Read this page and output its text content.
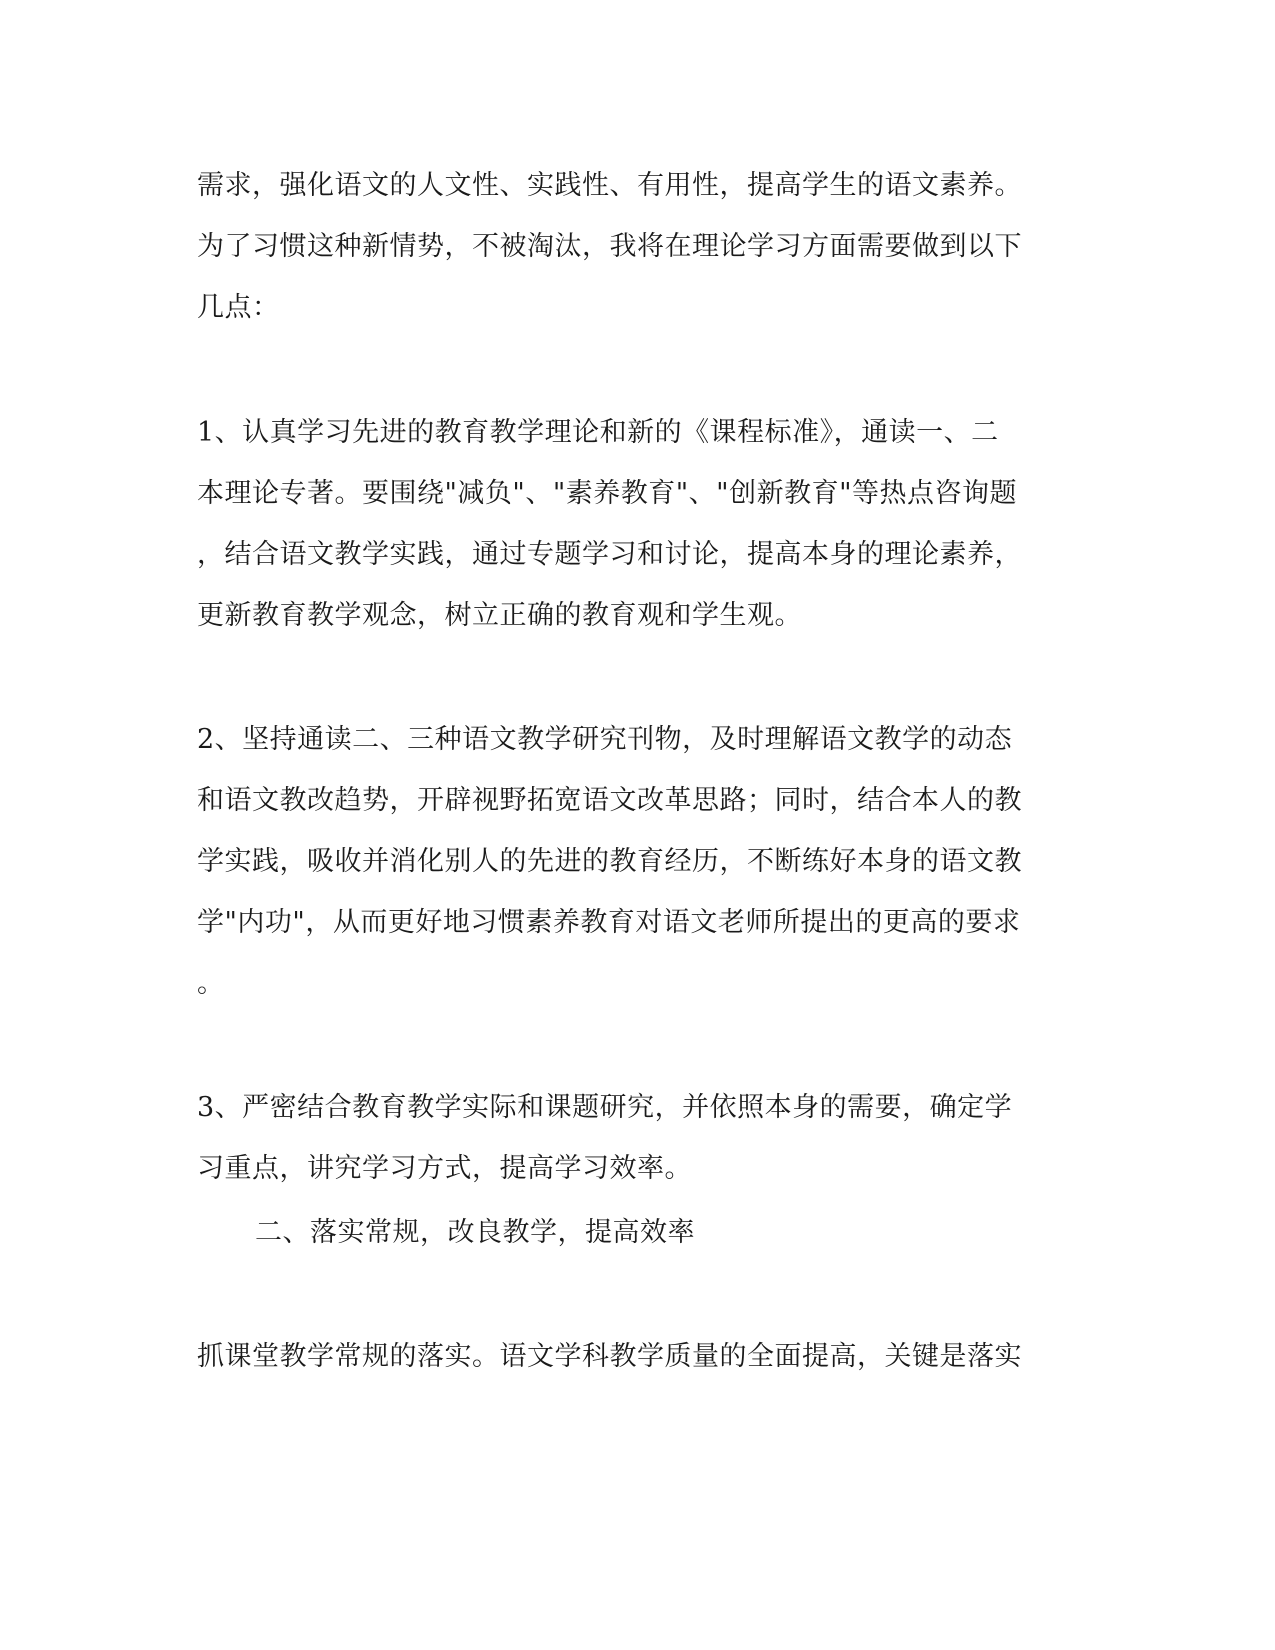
需求，强化语文的人文性、实践性、有用性，提高学生的语文素养。
为了习惯这种新情势，不被淘汰，我将在理论学习方面需要做到以下
几点：
1、认真学习先进的教育教学理论和新的《课程标准》，通读一、二
本理论专著。要围绕"减负"、"素养教育"、"创新教育"等热点咨询题
，结合语文教学实践，通过专题学习和讨论，提高本身的理论素养，
更新教育教学观念，树立正确的教育观和学生观。
2、坚持通读二、三种语文教学研究刊物，及时理解语文教学的动态
和语文教改趋势，开辟视野拓宽语文改革思路；同时，结合本人的教
学实践，吸收并消化别人的先进的教育经历，不断练好本身的语文教
学"内功"，从而更好地习惯素养教育对语文老师所提出的更高的要求
。
3、严密结合教育教学实际和课题研究，并依照本身的需要，确定学
习重点，讲究学习方式，提高学习效率。
二、落实常规，改良教学，提高效率
抓课堂教学常规的落实。语文学科教学质量的全面提高，关键是落实
